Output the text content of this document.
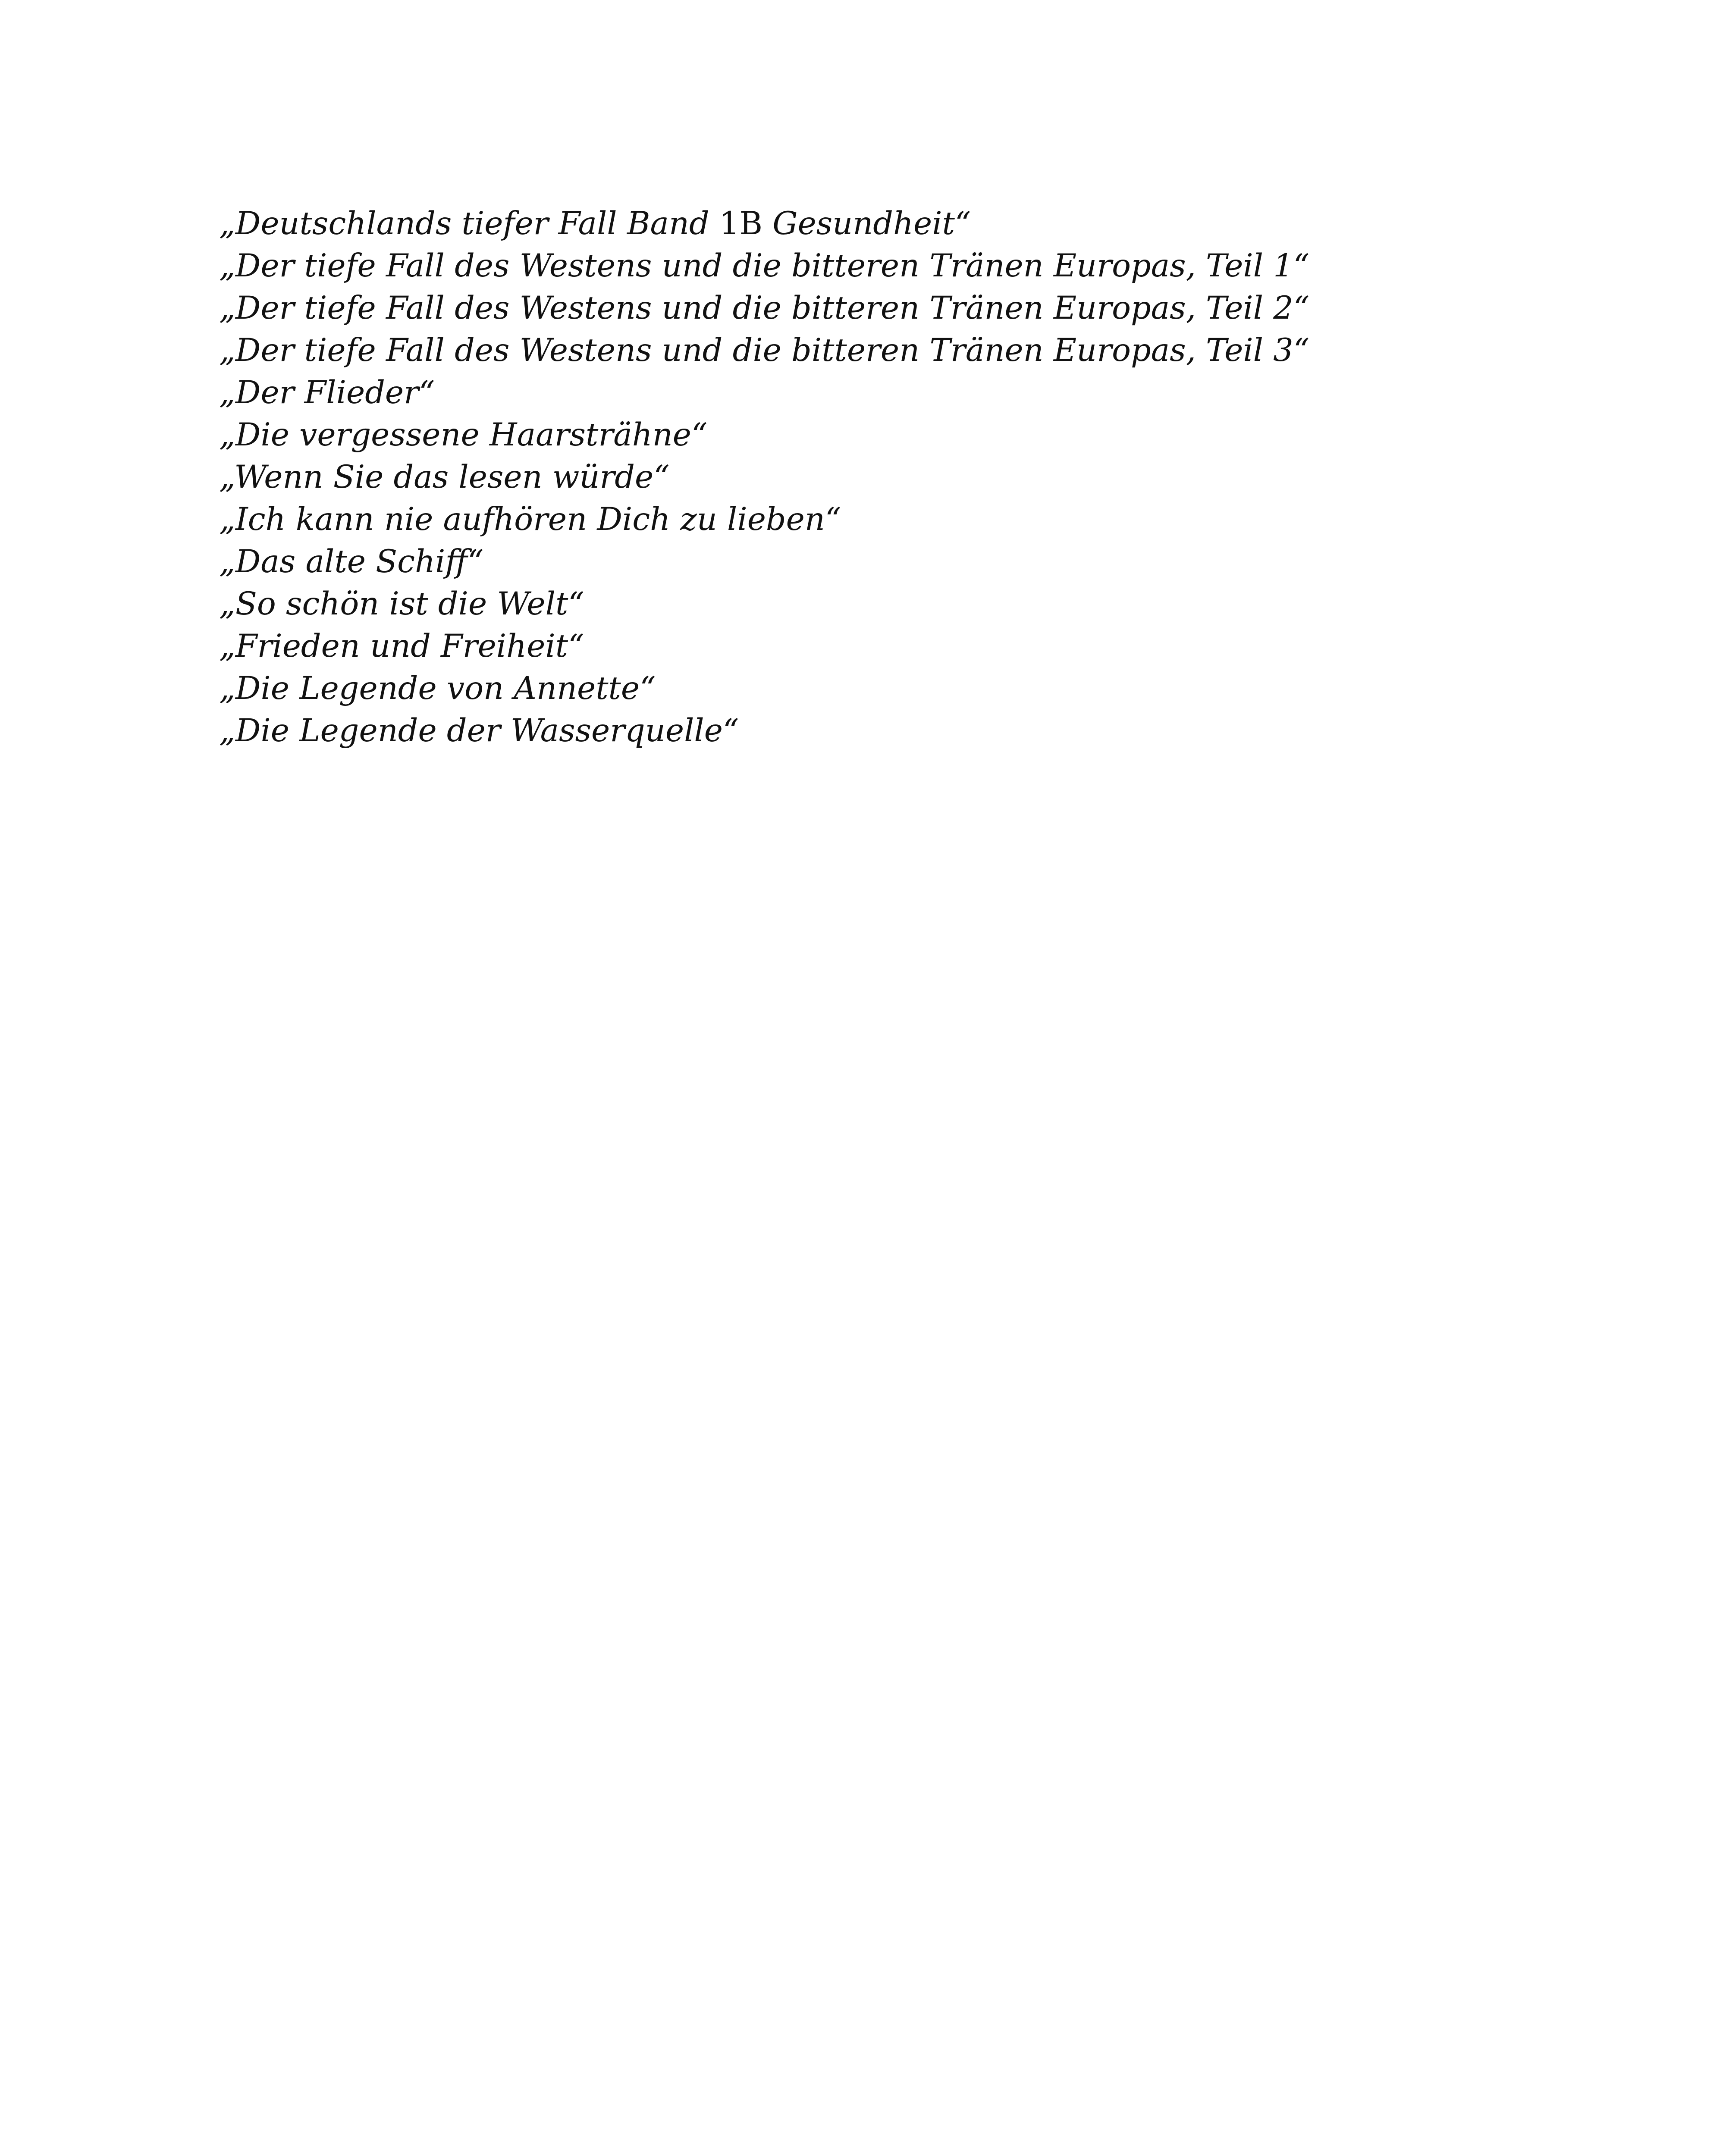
„Deutschlands tiefer Fall Band 1B Gesundheit“
„Der tiefe Fall des Westens und die bitteren Tränen Europas, Teil 1“
„Der tiefe Fall des Westens und die bitteren Tränen Europas, Teil 2“
„Der tiefe Fall des Westens und die bitteren Tränen Europas, Teil 3“
„Der Flieder“
„Die vergessene Haarsträhne“
„Wenn Sie das lesen würde“
„Ich kann nie aufhören Dich zu lieben“
„Das alte Schiff“
„So schön ist die Welt“
„Frieden und Freiheit“
„Die Legende von Annette“
„Die Legende der Wasserquelle“
